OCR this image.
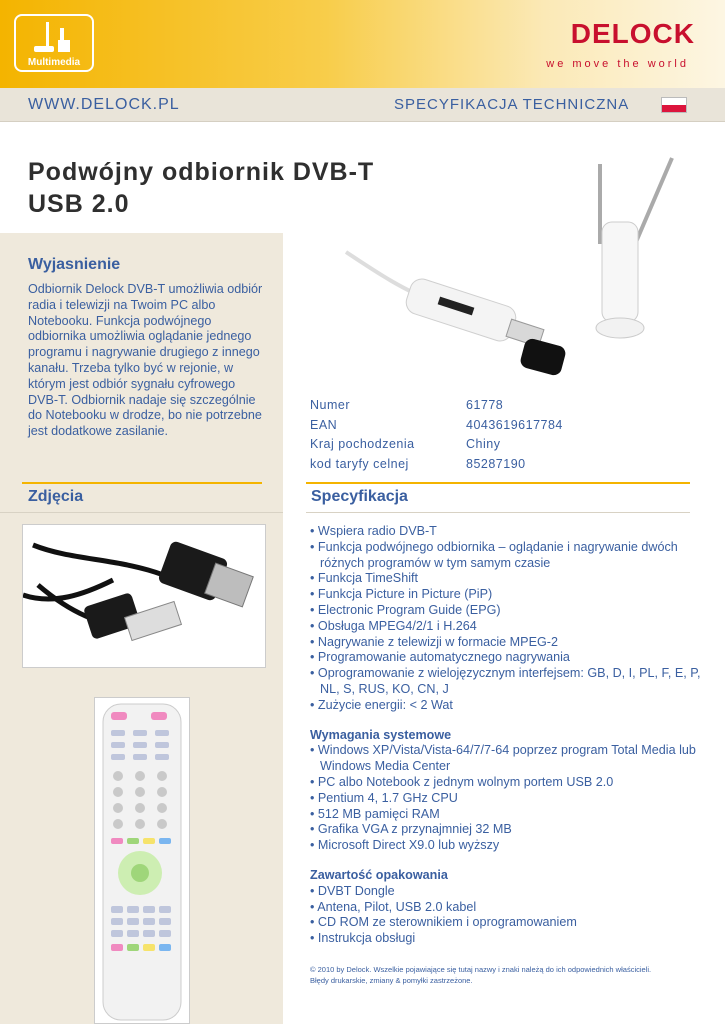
Multimedia
DELOCK
we move the world
WWW.DELOCK.PL	SPECYFIKACJA TECHNICZNA
Podwójny odbiornik DVB-T
USB 2.0
Wyjasnienie
Odbiornik Delock DVB-T umożliwia odbiór radia i telewizji na Twoim PC albo Notebooku. Funkcja podwójnego odbiornika umożliwia oglądanie jednego programu i nagrywanie drugiego z innego kanału. Trzeba tylko być w rejonie, w którym jest odbiór sygnału cyfrowego DVB-T. Odbiornik nadaje się szczególnie do Notebooku w drodze, bo nie potrzebne jest dodatkowe zasilanie.
Zdjęcia
Numer	61778
EAN	4043619617784
Kraj pochodzenia	Chiny
kod taryfy celnej	85287190
Specyfikacja
• Wspiera radio DVB-T
• Funkcja podwójnego odbiornika – oglądanie i nagrywanie dwóch różnych programów w tym samym czasie
• Funkcja TimeShift
• Funkcja Picture in Picture (PiP)
• Electronic Program Guide (EPG)
• Obsługa MPEG4/2/1 i H.264
• Nagrywanie z telewizji w formacie MPEG-2
• Programowanie automatycznego nagrywania
• Oprogramowanie z wielojęzycznym interfejsem: GB, D, I, PL, F, E, P, NL, S, RUS, KO, CN, J
• Zużycie energii: < 2 Wat
Wymagania systemowe
• Windows XP/Vista/Vista-64/7/7-64 poprzez program Total Media lub Windows Media Center
• PC albo Notebook z jednym wolnym portem USB 2.0
• Pentium 4, 1.7 GHz CPU
• 512 MB pamięci RAM
• Grafika VGA z przynajmniej 32 MB
• Microsoft Direct X9.0 lub wyższy
Zawartość opakowania
• DVBT Dongle
• Antena, Pilot, USB 2.0 kabel
• CD ROM ze sterownikiem i oprogramowaniem
• Instrukcja obsługi
© 2010 by Delock. Wszelkie pojawiające się tutaj nazwy i znaki należą do ich odpowiednich właścicieli.
Błędy drukarskie, zmiany & pomyłki zastrzeżone.
